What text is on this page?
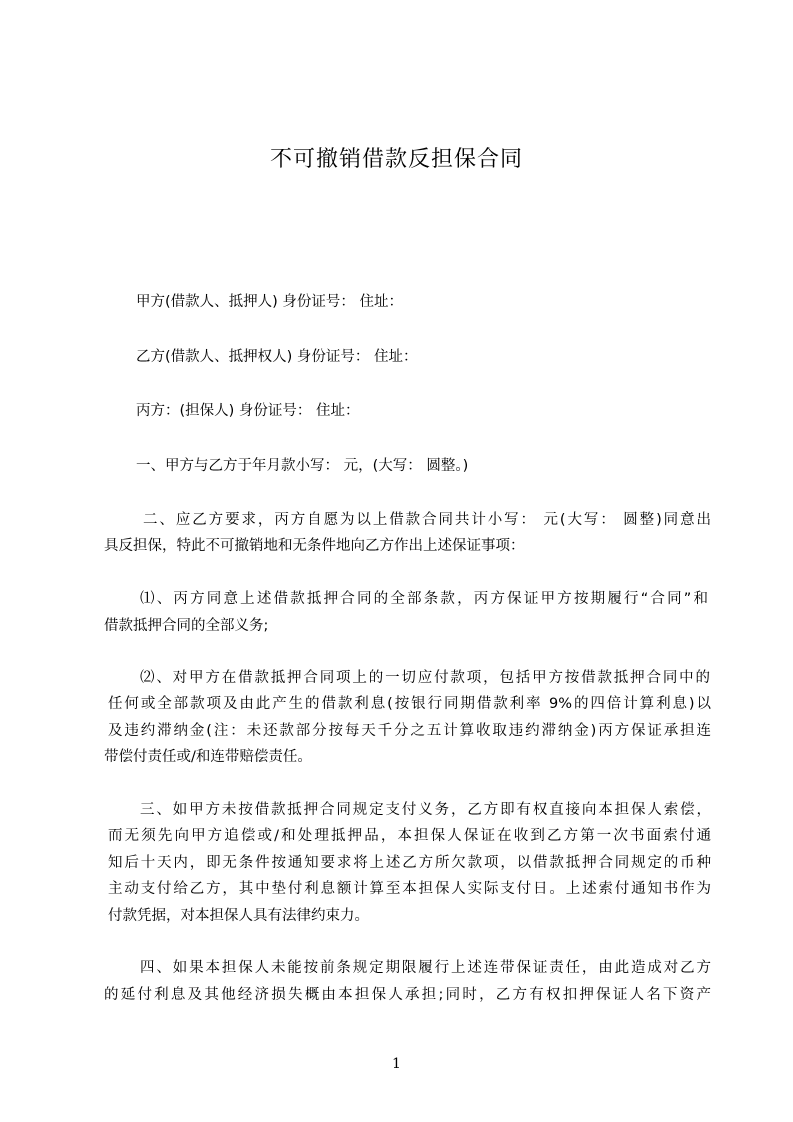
不可撤销借款反担保合同
甲方(借款人、抵押人) 身份证号： 住址：
乙方(借款人、抵押权人) 身份证号： 住址：
丙方：(担保人) 身份证号： 住址：
一、甲方与乙方于年月款小写： 元，(大写： 圆整。)
二、应乙方要求，丙方自愿为以上借款合同共计小写： 元(大写： 圆整)同意出
具反担保，特此不可撤销地和无条件地向乙方作出上述保证事项：
⑴、丙方同意上述借款抵押合同的全部条款，丙方保证甲方按期履行“合同”和
借款抵押合同的全部义务;
⑵、对甲方在借款抵押合同项上的一切应付款项，包括甲方按借款抵押合同中的
任何或全部款项及由此产生的借款利息(按银行同期借款利率 9%的四倍计算利息)以
及违约滞纳金(注：未还款部分按每天千分之五计算收取违约滞纳金)丙方保证承担连
带偿付责任或/和连带赔偿责任。
三、如甲方未按借款抵押合同规定支付义务，乙方即有权直接向本担保人索偿，
而无须先向甲方追偿或/和处理抵押品，本担保人保证在收到乙方第一次书面索付通
知后十天内，即无条件按通知要求将上述乙方所欠款项，以借款抵押合同规定的币种
主动支付给乙方，其中垫付利息额计算至本担保人实际支付日。上述索付通知书作为
付款凭据，对本担保人具有法律约束力。
四、如果本担保人未能按前条规定期限履行上述连带保证责任，由此造成对乙方
的延付利息及其他经济损失概由本担保人承担;同时，乙方有权扣押保证人名下资产
1
